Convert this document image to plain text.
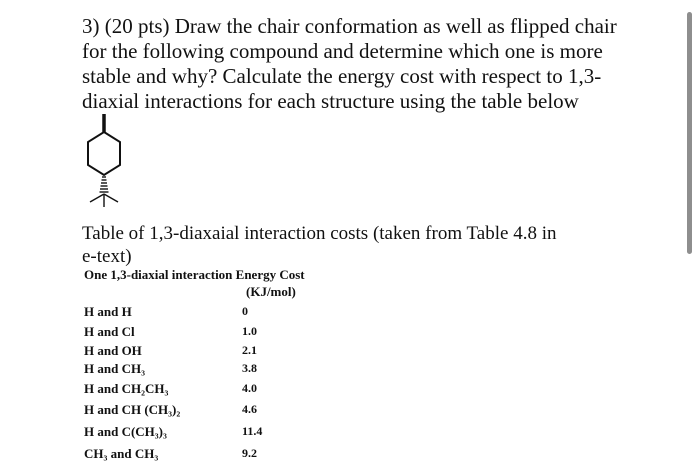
3) (20 pts) Draw the chair conformation as well as flipped chair
for the following compound and determine which one is more
stable and why? Calculate the energy cost with respect to 1,3-
diaxial interactions for each structure using the table below
Table of 1,3-diaxaial interaction costs (taken from Table 4.8 in
e-text)
One 1,3-diaxial interaction Energy Cost
(KJ/mol)
H and H	0
H and Cl	1.0
H and OH	2.1
H and CH₃	3.8
H and CH₂CH₃	4.0
H and CH (CH₃)₂	4.6
H and C(CH₃)₃	11.4
CH₃ and CH₃	9.2
